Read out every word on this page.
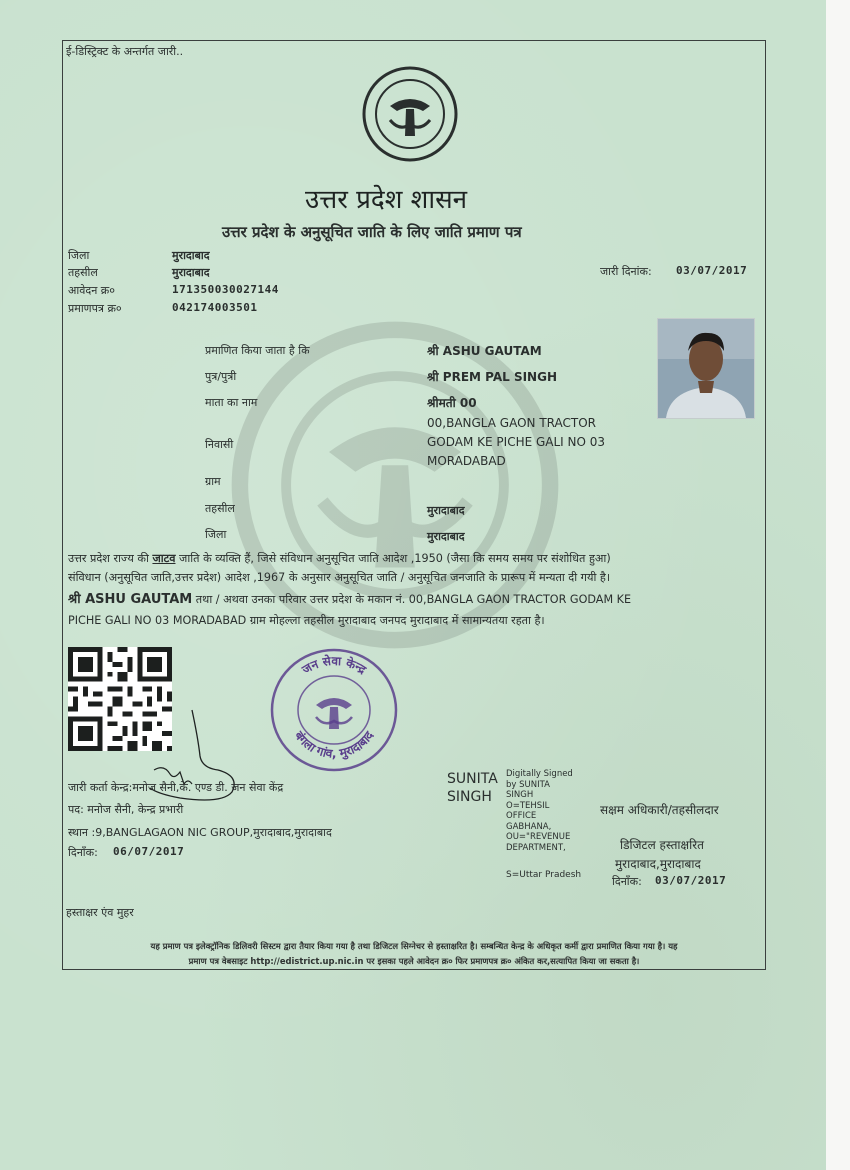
ई-डिस्ट्रिक्ट के अन्तर्गत जारी..
उत्तर प्रदेश शासन
उत्तर प्रदेश के अनुसूचित जाति के लिए जाति प्रमाण पत्र
जिला	मुरादाबाद
तहसील	मुरादाबाद
आवेदन क्र०	171350030027144
प्रमाणपत्र क्र०	042174003501
जारी दिनांक: 03/07/2017
प्रमाणित किया जाता है कि	श्री ASHU GAUTAM
पुत्र/पुत्री	श्री PREM PAL SINGH
माता का नाम	श्रीमती 00
निवासी
00,BANGLA GAON TRACTOR
GODAM KE PICHE GALI NO 03
MORADABAD
ग्राम
तहसील	मुरादाबाद
जिला	मुरादाबाद
उत्तर प्रदेश राज्य की जाटव जाति के व्यक्ति हैं, जिसे संविधान अनुसूचित जाति आदेश ,1950 (जैसा कि समय समय पर संशोधित हुआ)
संविधान (अनुसूचित जाति,उत्तर प्रदेश) आदेश ,1967 के अनुसार अनुसूचित जाति / अनुसूचित जनजाति के प्रारूप में मन्यता दी गयी है।
श्री ASHU GAUTAM तथा / अथवा उनका परिवार उत्तर प्रदेश के मकान नं. 00,BANGLA GAON TRACTOR GODAM KE
PICHE GALI NO 03 MORADABAD ग्राम मोहल्ला तहसील मुरादाबाद जनपद मुरादाबाद में सामान्यतया रहता है।
जन सेवा केन्द्र
बंगला गांव, मुरादाबाद
जारी कर्ता केन्द्र:मनोज सैनी,के. एण्ड डी. जन सेवा केंद्र
पद: मनोज सैनी, केन्द्र प्रभारी
स्थान :9,BANGLAGAON NIC GROUP,मुरादाबाद,मुरादाबाद
दिनाँक: 06/07/2017
SUNITA
SINGH
Digitally Signed
by SUNITA
SINGH
O=TEHSIL
OFFICE
GABHANA,
OU="REVENUE
DEPARTMENT,
S=Uttar Pradesh
सक्षम अधिकारी/तहसीलदार
डिजिटल हस्ताक्षरित
मुरादाबाद,मुरादाबाद
दिनाँक: 03/07/2017
हस्ताक्षर एंव मुहर
यह प्रमाण पत्र इलेक्ट्रॉनिक डिलिवरी सिस्टम द्वारा तैयार किया गया है तथा डिजिटल सिग्नेचर से हस्ताक्षरित है। सम्बन्धित केन्द्र के अधिकृत कर्मी द्वारा प्रमाणित किया गया है। यह
प्रमाण पत्र वेबसाइट http://edistrict.up.nic.in पर इसका पहले आवेदन क्र० फिर प्रमाणपत्र क्र० अंकित कर,सत्यापित किया जा सकता है।
